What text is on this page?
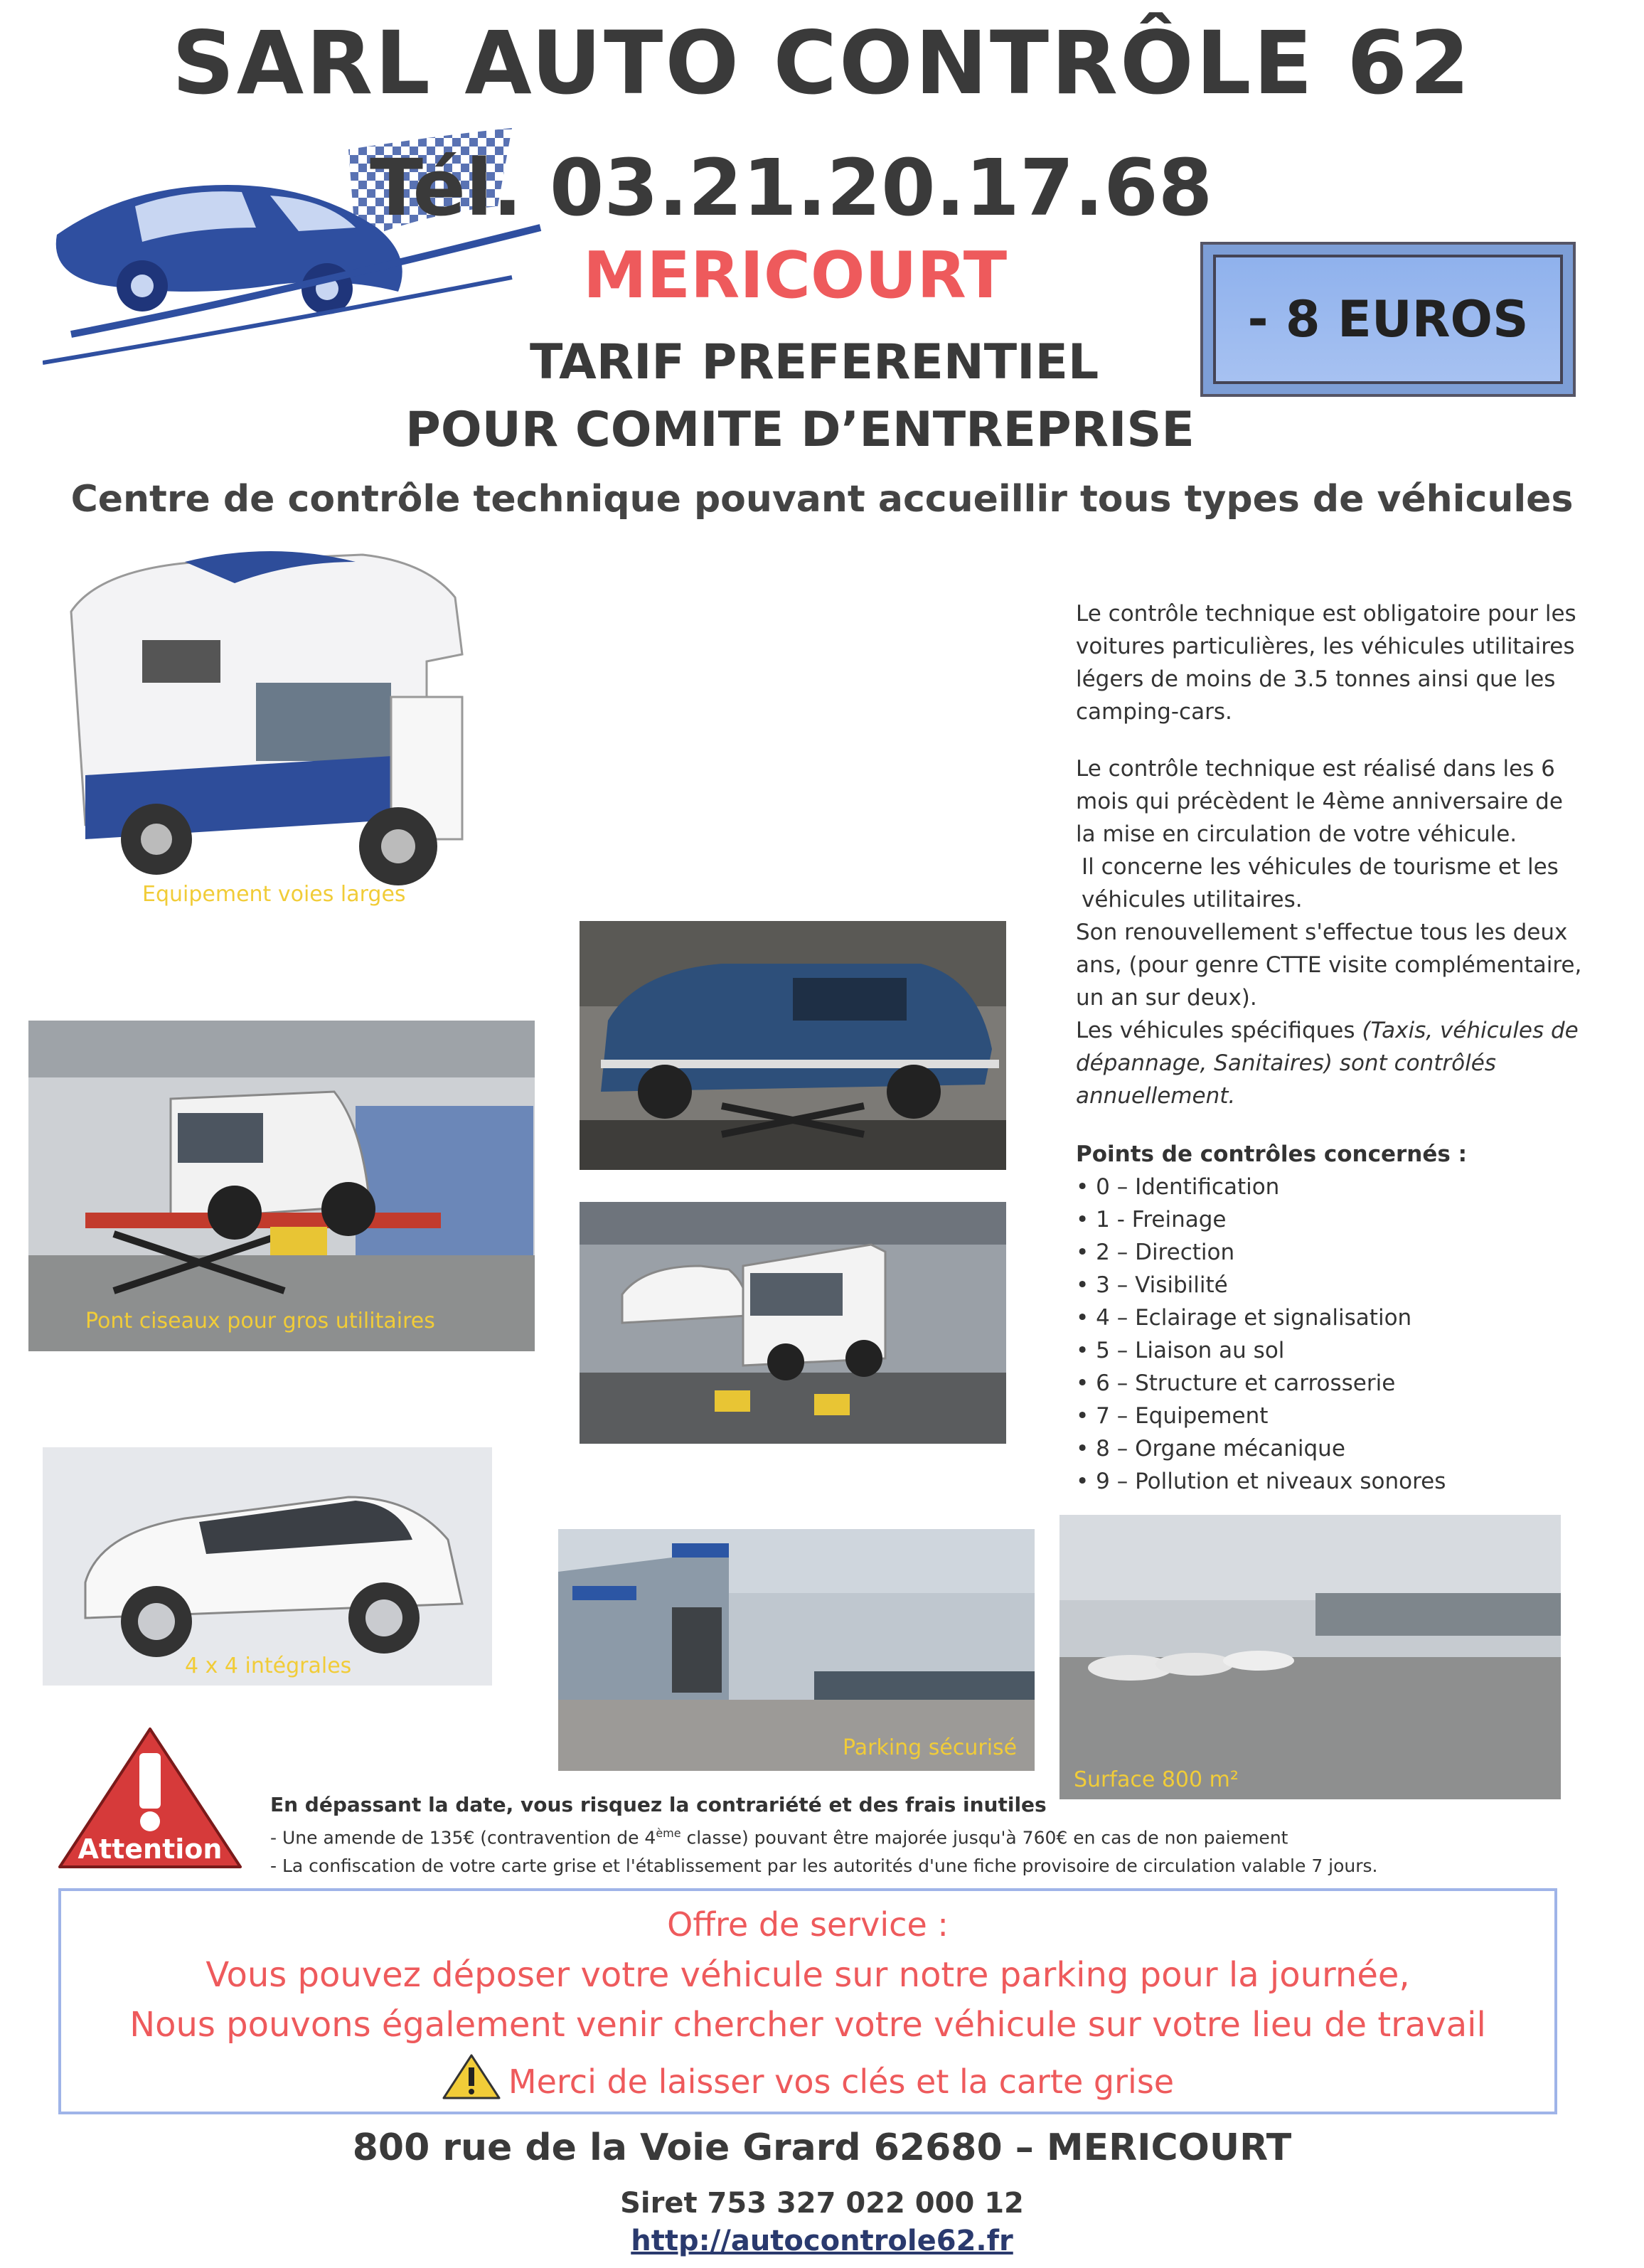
SARL AUTO CONTRÔLE 62
Tél. 03.21.20.17.68
MERICOURT
TARIF PREFERENTIEL
POUR COMITE D’ENTREPRISE
- 8 EUROS
Centre de contrôle technique pouvant accueillir tous types de véhicules
Equipement voies larges
Pont ciseaux pour gros utilitaires
4 x 4 intégrales
Parking sécurisé
Surface 800 m²
Le contrôle technique est obligatoire pour les voitures particulières, les véhicules utilitaires légers de moins de 3.5 tonnes ainsi que les camping-cars.
Le contrôle technique est réalisé dans les 6 mois qui précèdent le 4ème anniversaire de la mise en circulation de votre véhicule.
Il concerne les véhicules de tourisme et les véhicules utilitaires.
Son renouvellement s'effectue tous les deux ans, (pour genre CTTE visite complémentaire, un an sur deux).
Les véhicules spécifiques (Taxis, véhicules de dépannage, Sanitaires) sont contrôlés annuellement.
Points de contrôles concernés :
• 0 – Identification
• 1 - Freinage
• 2 – Direction
• 3 – Visibilité
• 4 – Eclairage et signalisation
• 5 – Liaison au sol
• 6 – Structure et carrosserie
• 7 – Equipement
• 8 – Organe mécanique
• 9 – Pollution et niveaux sonores
Attention
En dépassant la date, vous risquez la contrariété et des frais inutiles
- Une amende de 135€ (contravention de 4ème classe) pouvant être majorée jusqu'à 760€ en cas de non paiement
- La confiscation de votre carte grise et l'établissement par les autorités d'une fiche provisoire de circulation valable 7 jours.
Offre de service :
Vous pouvez déposer votre véhicule sur notre parking pour la journée,
Nous pouvons également venir chercher votre véhicule sur votre lieu de travail
Merci de laisser vos clés et la carte grise
800 rue de la Voie Grard 62680 – MERICOURT
Siret 753 327 022 000 12
http://autocontrole62.fr
